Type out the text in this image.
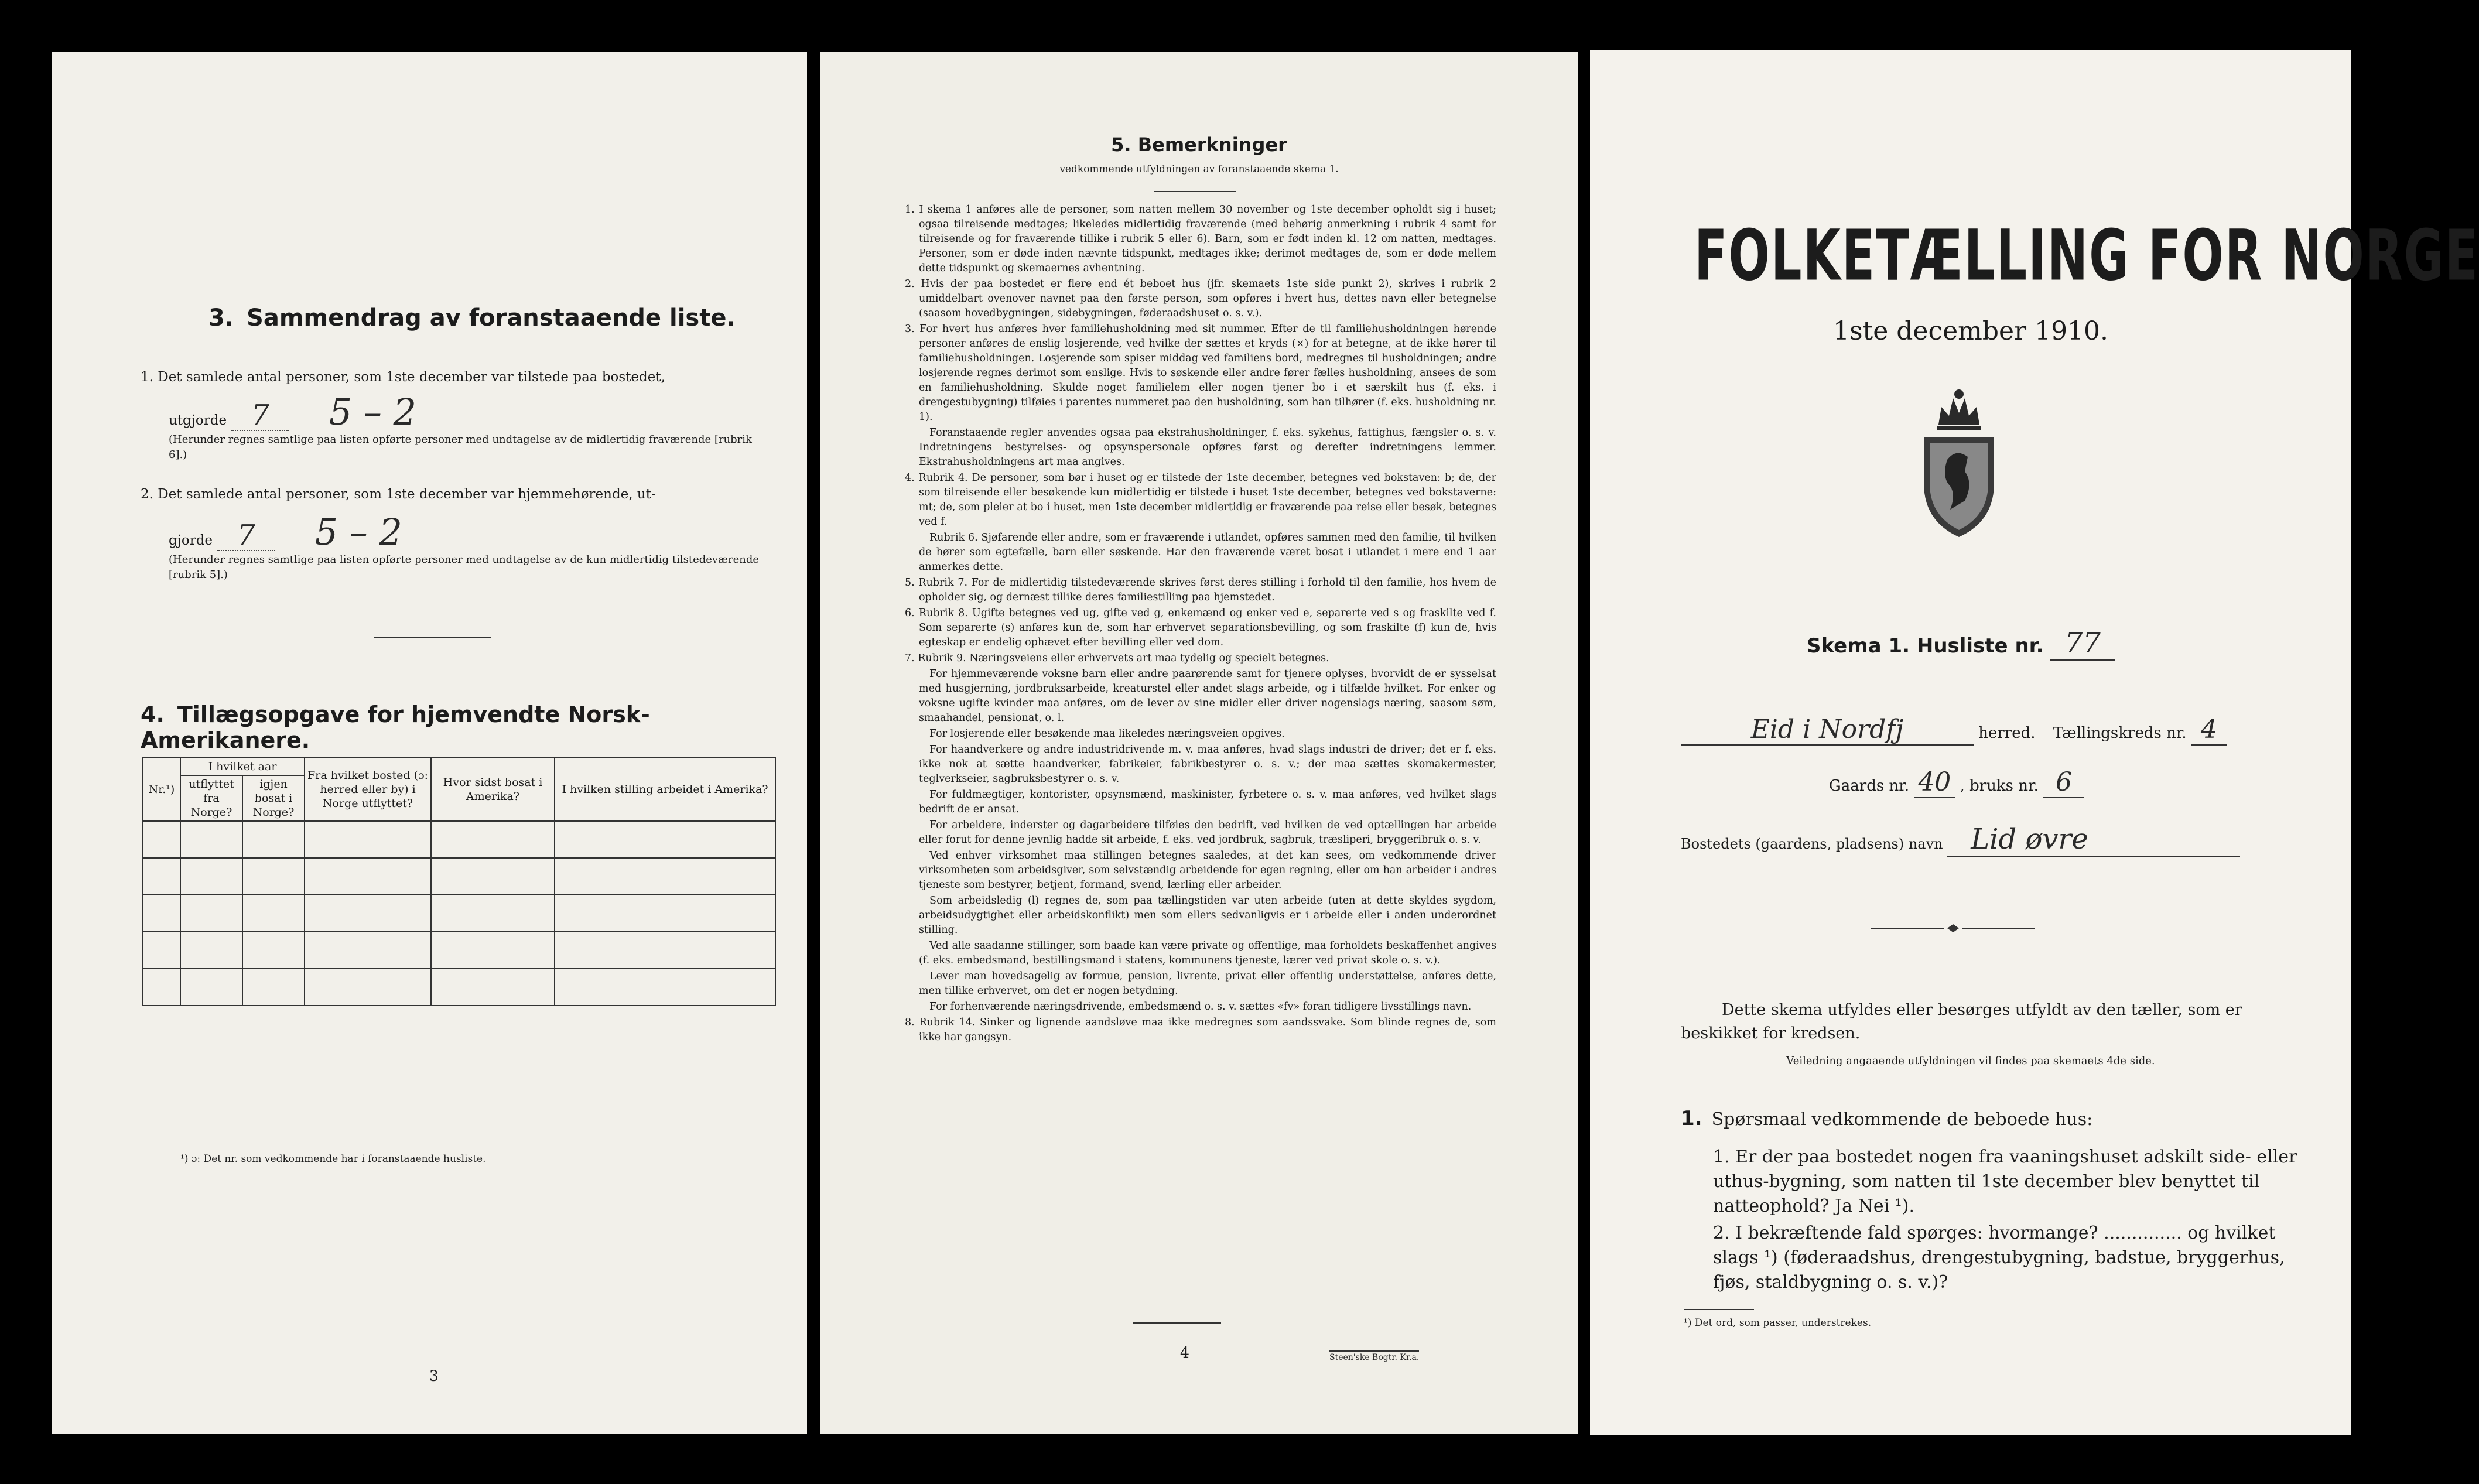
3. Sammendrag av foranstaaende liste.
1. Det samlede antal personer, som 1ste december var tilstede paa bostedet,
utgjorde 7 5 – 2
(Herunder regnes samtlige paa listen opførte personer med undtagelse av de midlertidig fraværende [rubrik 6].)
2. Det samlede antal personer, som 1ste december var hjemmehørende, ut-
gjorde 7 5 – 2
(Herunder regnes samtlige paa listen opførte personer med undtagelse av de kun midlertidig tilstedeværende [rubrik 5].)
4. Tillægsopgave for hjemvendte Norsk-Amerikanere.
Nr.¹)	I hvilket aar		Fra hvilket bosted (ɔ: herred eller by) i Norge utflyttet?	Hvor sidst bosat i Amerika?	I hvilken stilling arbeidet i Amerika?
	utflyttet fra Norge?	igjen bosat i Norge?			

¹) ɔ: Det nr. som vedkommende har i foranstaaende husliste.
3
5. Bemerkninger
vedkommende utfyldningen av foranstaaende skema 1.

1. I skema 1 anføres alle de personer, som natten mellem 30 november og 1ste december opholdt sig i huset; ogsaa tilreisende medtages; likeledes midlertidig fraværende (med behørig anmerkning i rubrik 4 samt for tilreisende og for fraværende tillike i rubrik 5 eller 6). Barn, som er født inden kl. 12 om natten, medtages. Personer, som er døde inden nævnte tidspunkt, medtages ikke; derimot medtages de, som er døde mellem dette tidspunkt og skemaernes avhentning.

2. Hvis der paa bostedet er flere end ét beboet hus (jfr. skemaets 1ste side punkt 2), skrives i rubrik 2 umiddelbart ovenover navnet paa den første person, som opføres i hvert hus, dettes navn eller betegnelse (saasom hovedbygningen, sidebygningen, føderaadshuset o. s. v.).

3. For hvert hus anføres hver familiehusholdning med sit nummer. Efter de til familiehusholdningen hørende personer anføres de enslig losjerende, ved hvilke der sættes et kryds (×) for at betegne, at de ikke hører til familiehusholdningen. Losjerende som spiser middag ved familiens bord, medregnes til husholdningen; andre losjerende regnes derimot som enslige. Hvis to søskende eller andre fører fælles husholdning, ansees de som en familiehusholdning. Skulde noget familielem eller nogen tjener bo i et særskilt hus (f. eks. i drengestubygning) tilføies i parentes nummeret paa den husholdning, som han tilhører (f. eks. husholdning nr. 1).

Foranstaaende regler anvendes ogsaa paa ekstrahusholdninger, f. eks. sykehus, fattighus, fængsler o. s. v. Indretningens bestyrelses- og opsynspersonale opføres først og derefter indretningens lemmer. Ekstrahusholdningens art maa angives.

4. Rubrik 4. De personer, som bør i huset og er tilstede der 1ste december, betegnes ved bokstaven: b; de, der som tilreisende eller besøkende kun midlertidig er tilstede i huset 1ste december, betegnes ved bokstaverne: mt; de, som pleier at bo i huset, men 1ste december midlertidig er fraværende paa reise eller besøk, betegnes ved f.

Rubrik 6. Sjøfarende eller andre, som er fraværende i utlandet, opføres sammen med den familie, til hvilken de hører som egtefælle, barn eller søskende. Har den fraværende været bosat i utlandet i mere end 1 aar anmerkes dette.

5. Rubrik 7. For de midlertidig tilstedeværende skrives først deres stilling i forhold til den familie, hos hvem de opholder sig, og dernæst tillike deres familiestilling paa hjemstedet.

6. Rubrik 8. Ugifte betegnes ved ug, gifte ved g, enkemænd og enker ved e, separerte ved s og fraskilte ved f. Som separerte (s) anføres kun de, som har erhvervet separationsbevilling, og som fraskilte (f) kun de, hvis egteskap er endelig ophævet efter bevilling eller ved dom.

7. Rubrik 9. Næringsveiens eller erhvervets art maa tydelig og specielt betegnes.

For hjemmeværende voksne barn eller andre paarørende samt for tjenere oplyses, hvorvidt de er sysselsat med husgjerning, jordbruksarbeide, kreaturstel eller andet slags arbeide, og i tilfælde hvilket. For enker og voksne ugifte kvinder maa anføres, om de lever av sine midler eller driver nogenslags næring, saasom søm, smaahandel, pensionat, o. l.

For losjerende eller besøkende maa likeledes næringsveien opgives.

For haandverkere og andre industridrivende m. v. maa anføres, hvad slags industri de driver; det er f. eks. ikke nok at sætte haandverker, fabrikeier, fabrikbestyrer o. s. v.; der maa sættes skomakermester, teglverkseier, sagbruksbestyrer o. s. v.

For fuldmægtiger, kontorister, opsynsmænd, maskinister, fyrbetere o. s. v. maa anføres, ved hvilket slags bedrift de er ansat.

For arbeidere, inderster og dagarbeidere tilføies den bedrift, ved hvilken de ved optællingen har arbeide eller forut for denne jevnlig hadde sit arbeide, f. eks. ved jordbruk, sagbruk, træsliperi, bryggeribruk o. s. v.

Ved enhver virksomhet maa stillingen betegnes saaledes, at det kan sees, om vedkommende driver virksomheten som arbeidsgiver, som selvstændig arbeidende for egen regning, eller om han arbeider i andres tjeneste som bestyrer, betjent, formand, svend, lærling eller arbeider.

Som arbeidsledig (l) regnes de, som paa tællingstiden var uten arbeide (uten at dette skyldes sygdom, arbeidsudygtighet eller arbeidskonflikt) men som ellers sedvanligvis er i arbeide eller i anden underordnet stilling.

Ved alle saadanne stillinger, som baade kan være private og offentlige, maa forholdets beskaffenhet angives (f. eks. embedsmand, bestillingsmand i statens, kommunens tjeneste, lærer ved privat skole o. s. v.).

Lever man hovedsagelig av formue, pension, livrente, privat eller offentlig understøttelse, anføres dette, men tillike erhvervet, om det er nogen betydning.

For forhenværende næringsdrivende, embedsmænd o. s. v. sættes «fv» foran tidligere livsstillings navn.

8. Rubrik 14. Sinker og lignende aandsløve maa ikke medregnes som aandssvake. Som blinde regnes de, som ikke har gangsyn.

4	Steen'ske Bogtr. Kr.a.
FOLKETÆLLING FOR NORGE
1ste december 1910.
Skema 1. Husliste nr. 77
Eid i Nordfj	herred. Tællingskreds nr. 4
Gaards nr. 40 , bruks nr. 6
Bostedets (gaardens, pladsens) navn Lid øvre
Dette skema utfyldes eller besørges utfyldt av den tæller, som er beskikket for kredsen.
Veiledning angaaende utfyldningen vil findes paa skemaets 4de side.
1. Spørsmaal vedkommende de beboede hus:
1. Er der paa bostedet nogen fra vaaningshuset adskilt side- eller uthus-bygning, som natten til 1ste december blev benyttet til natteophold? Ja Nei ¹).
2. I bekræftende fald spørges: hvormange? .............. og hvilket slags ¹) (føderaadshus, drengestubygning, badstue, bryggerhus, fjøs, staldbygning o. s. v.)?
¹) Det ord, som passer, understrekes.
